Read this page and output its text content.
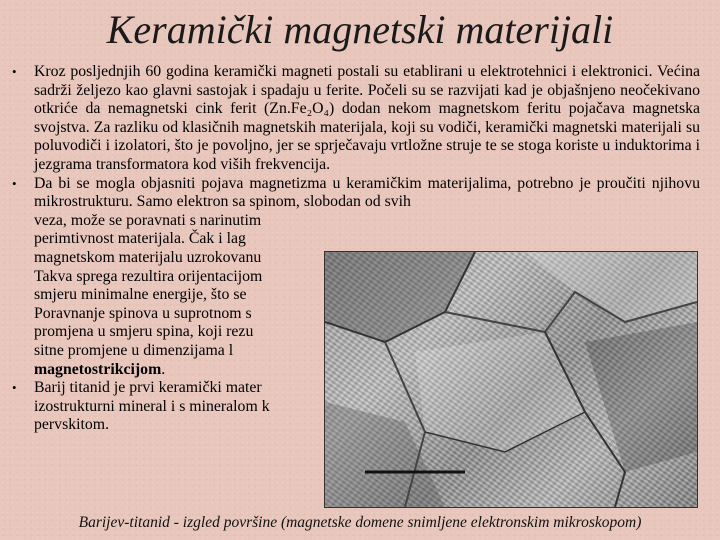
Keramički magnetski materijali
• Kroz posljednjih 60 godina keramički magneti postali su etablirani u elektrotehnici i elektronici. Većina sadrži željezo kao glavni sastojak i spadaju u ferite. Počeli su se razvijati kad je objašnjeno neočekivano otkriće da nemagnetski cink ferit (Zn.Fe₂O₄) dodan nekom magnetskom feritu pojačava magnetska svojstva. Za razliku od klasičnih magnetskih materijala, koji su vodiči, keramički magnetski materijali su poluvodiči i izolatori, što je povoljno, jer se sprječavaju vrtložne struje te se stoga koriste u induktorima i jezgrama transformatora kod viših frekvencija.

• Da bi se mogla objasniti pojava magnetizma u keramičkim materijalima, potrebno je proučiti njihovu mikrostrukturu. Samo elektron sa spinom, slobodan od svih

veza, može se poravnati s narinutim
perimtivnost materijala. Čak i lag
magnetskom materijalu uzrokovanu
Takva sprega rezultira orijentacijom
smjeru minimalne energije, što se
Poravnanje spinova u suprotnom s
promjena u smjeru spina, koji rezu
sitne promjene u dimenzijama l
magnetostrikcijom.
• Barij titanid je prvi keramički mater
izostrukturni mineral i s mineralom k
pervskitom.
Barijev-titanid - izgled površine (magnetske domene snimljene elektronskim mikroskopom)
